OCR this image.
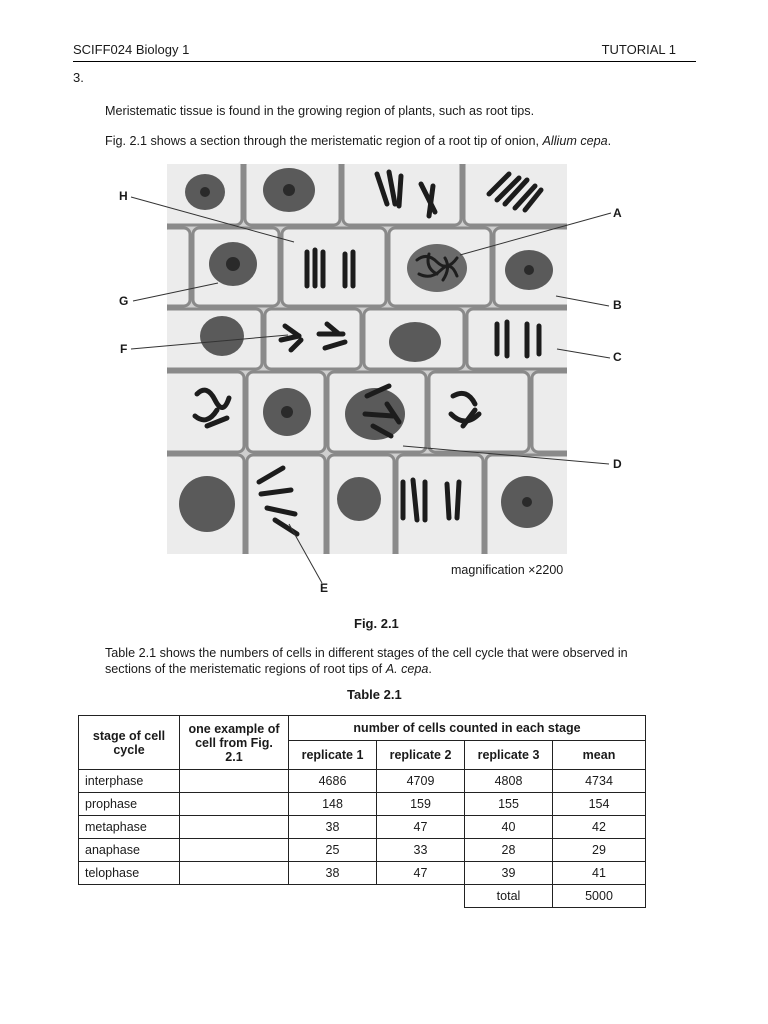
SCIFF024 Biology 1	TUTORIAL 1
3.
Meristematic tissue is found in the growing region of plants, such as root tips.
Fig. 2.1 shows a section through the meristematic region of a root tip of onion, Allium cepa.
H
A
G	B
F
C
D
E
magnification ×2200
Fig. 2.1
Table 2.1 shows the numbers of cells in different stages of the cell cycle that were observed in sections of the meristematic regions of root tips of A. cepa.
Table 2.1
stage of cell cycle	one example of cell from Fig. 2.1	number of cells counted in each stage			
		replicate 1	replicate 2	replicate 3	mean
interphase		4686	4709	4808	4734
prophase		148	159	155	154
metaphase		38	47	40	42
anaphase		25	33	28	29
telophase		38	47	39	41
				total	5000
